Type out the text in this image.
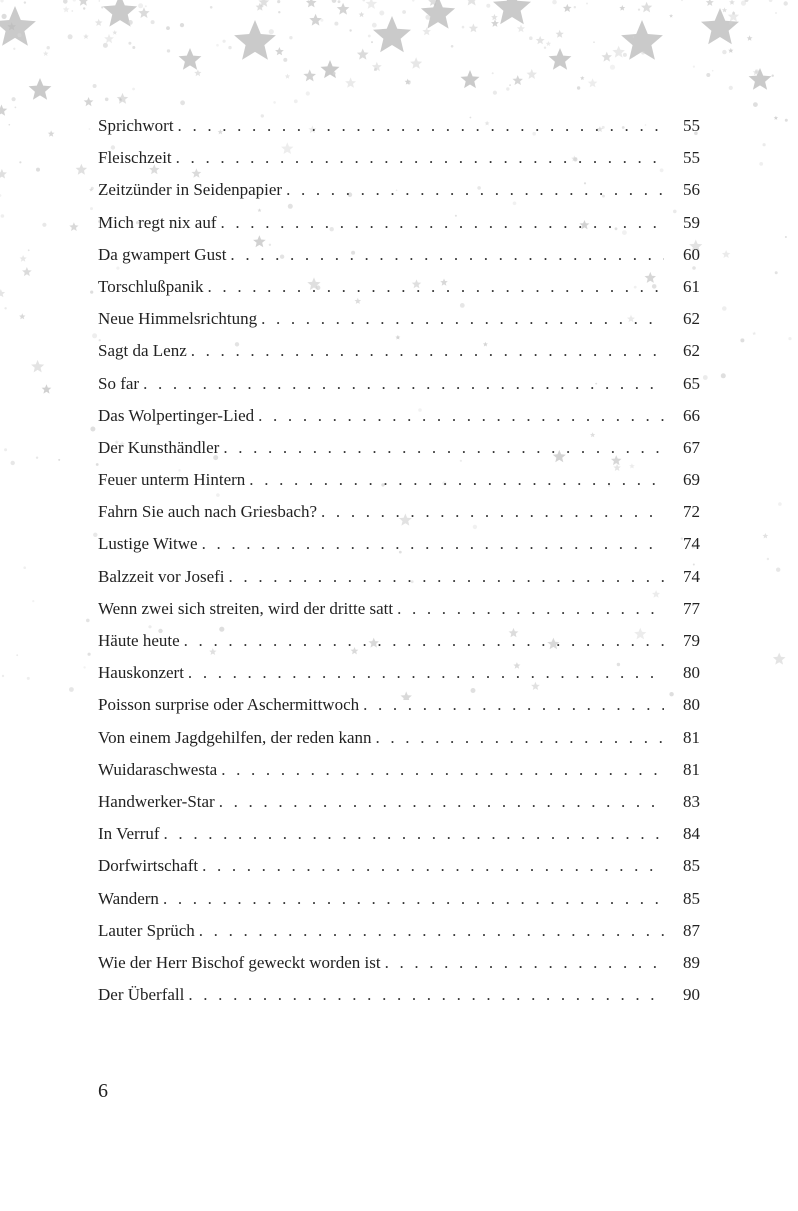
Sprichwort . . .	55
Fleischzeit . . .	55
Zeitzünder in Seidenpapier . . .	56
Mich regt nix auf . . .	59
Da gwampert Gust . . .	60
Torschlußpanik . . .	61
Neue Himmelsrichtung . . .	62
Sagt da Lenz . . .	62
So far . . .	65
Das Wolpertinger-Lied . . .	66
Der Kunsthändler . . .	67
Feuer unterm Hintern . . .	69
Fahrn Sie auch nach Griesbach? . . .	72
Lustige Witwe . . .	74
Balzzeit vor Josefi . . .	74
Wenn zwei sich streiten, wird der dritte satt . . .	77
Häute heute . . .	79
Hauskonzert . . .	80
Poisson surprise oder Aschermittwoch . . .	80
Von einem Jagdgehilfen, der reden kann . . .	81
Wuidaraschwesta . . .	81
Handwerker-Star . . .	83
In Verruf . . .	84
Dorfwirtschaft . . .	85
Wandern . . .	85
Lauter Sprüch . . .	87
Wie der Herr Bischof geweckt worden ist . . .	89
Der Überfall . . .	90
6
